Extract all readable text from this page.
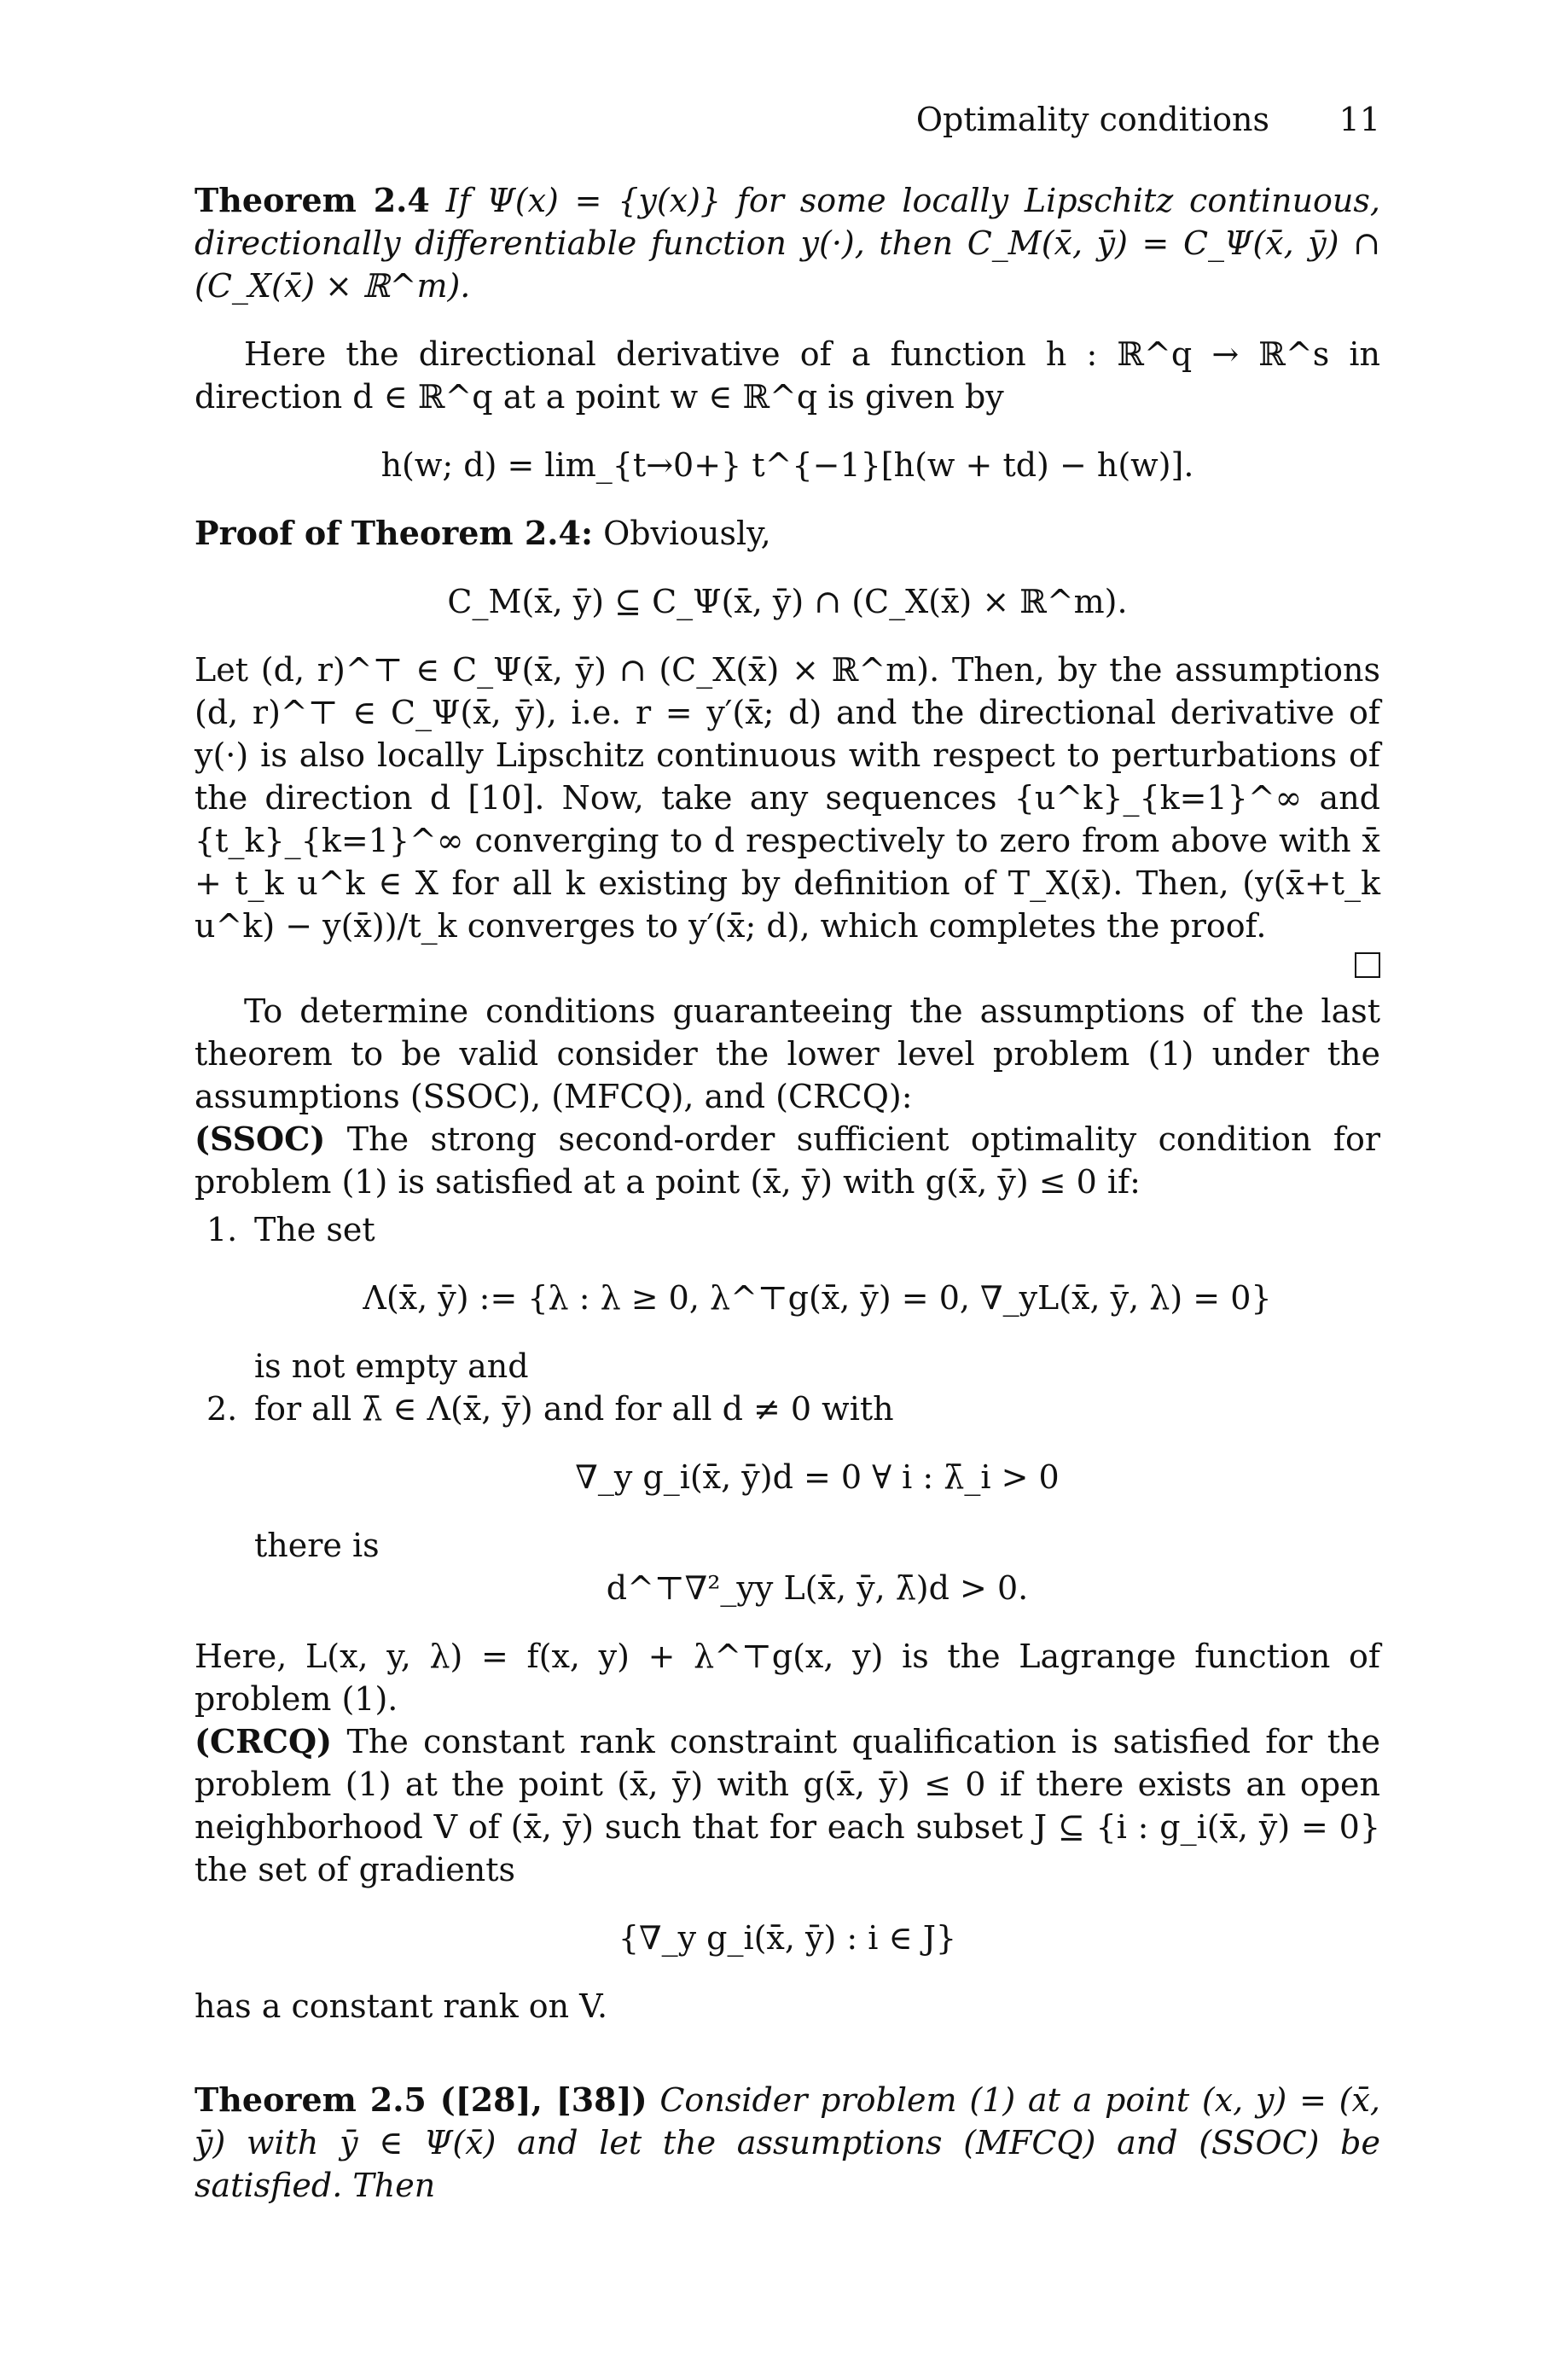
Optimality conditions 11

Theorem 2.4 If Ψ(x) = {y(x)} for some locally Lipschitz continuous, directionally differentiable function y(·), then C_M(x̄, ȳ) = C_Ψ(x̄, ȳ) ∩ (C_X(x̄) × ℝ^m).

Here the directional derivative of a function h : ℝ^q → ℝ^s in direction d ∈ ℝ^q at a point w ∈ ℝ^q is given by

h(w; d) = lim_{t→0+} t^{−1}[h(w + td) − h(w)].

Proof of Theorem 2.4: Obviously,

C_M(x̄, ȳ) ⊆ C_Ψ(x̄, ȳ) ∩ (C_X(x̄) × ℝ^m).

Let (d, r)^⊤ ∈ C_Ψ(x̄, ȳ) ∩ (C_X(x̄) × ℝ^m). Then, by the assumptions (d, r)^⊤ ∈ C_Ψ(x̄, ȳ), i.e. r = y′(x̄; d) and the directional derivative of y(·) is also locally Lipschitz continuous with respect to perturbations of the direction d [10]. Now, take any sequences {u^k}_{k=1}^∞ and {t_k}_{k=1}^∞ converging to d respectively to zero from above with x̄ + t_k u^k ∈ X for all k existing by definition of T_X(x̄). Then, (y(x̄+t_k u^k) − y(x̄))/t_k converges to y′(x̄; d), which completes the proof.

To determine conditions guaranteeing the assumptions of the last theorem to be valid consider the lower level problem (1) under the assumptions (SSOC), (MFCQ), and (CRCQ):

(SSOC) The strong second-order sufficient optimality condition for problem (1) is satisfied at a point (x̄, ȳ) with g(x̄, ȳ) ≤ 0 if:

1. The set
Λ(x̄, ȳ) := {λ : λ ≥ 0, λ^⊤g(x̄, ȳ) = 0, ∇_yL(x̄, ȳ, λ) = 0}
is not empty and
2. for all λ̄ ∈ Λ(x̄, ȳ) and for all d ≠ 0 with
∇_y g_i(x̄, ȳ)d = 0 ∀ i : λ̄_i > 0
there is
d^⊤∇²_yy L(x̄, ȳ, λ̄)d > 0.

Here, L(x, y, λ) = f(x, y) + λ^⊤g(x, y) is the Lagrange function of problem (1).

(CRCQ) The constant rank constraint qualification is satisfied for the problem (1) at the point (x̄, ȳ) with g(x̄, ȳ) ≤ 0 if there exists an open neighborhood V of (x̄, ȳ) such that for each subset J ⊆ {i : g_i(x̄, ȳ) = 0} the set of gradients

{∇_y g_i(x̄, ȳ) : i ∈ J}

has a constant rank on V.

Theorem 2.5 ([28], [38]) Consider problem (1) at a point (x, y) = (x̄, ȳ) with ȳ ∈ Ψ(x̄) and let the assumptions (MFCQ) and (SSOC) be satisfied. Then
